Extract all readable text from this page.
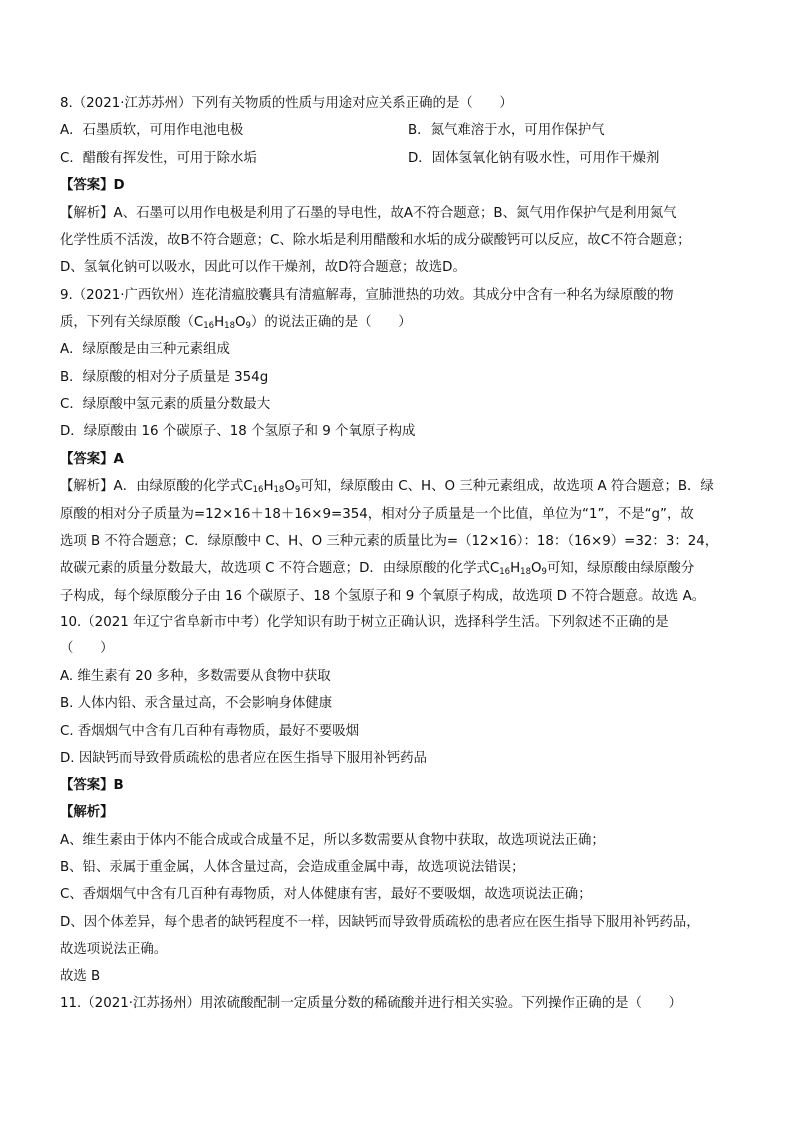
8.（2021·江苏苏州）下列有关物质的性质与用途对应关系正确的是（　　）
A．石墨质软，可用作电池电极	B．氮气难溶于水，可用作保护气
C．醋酸有挥发性，可用于除水垢	D．固体氢氧化钠有吸水性，可用作干燥剂
【答案】D
【解析】A、石墨可以用作电极是利用了石墨的导电性，故A不符合题意；B、氮气用作保护气是利用氮气
化学性质不活泼，故B不符合题意；C、除水垢是利用醋酸和水垢的成分碳酸钙可以反应，故C不符合题意；
D、氢氧化钠可以吸水，因此可以作干燥剂，故D符合题意；故选D。
9.（2021·广西钦州）连花清瘟胶囊具有清瘟解毒，宣肺泄热的功效。其成分中含有一种名为绿原酸的物
质，下列有关绿原酸$(C_{16}H_{18}O_9)$的说法正确的是（　　）
A．绿原酸是由三种元素组成
B．绿原酸的相对分子质量是 354g
C．绿原酸中氢元素的质量分数最大
D．绿原酸由 16 个碳原子、18 个氢原子和 9 个氧原子构成
【答案】A
【解析】A．由绿原酸的化学式$C_{16}H_{18}O_9$可知，绿原酸由 C、H、O 三种元素组成，故选项 A 符合题意；B．绿
原酸的相对分子质量为=12×16＋18＋16×9=354，相对分子质量是一个比值，单位为“1”，不是“g”，故
选项 B 不符合题意；C．绿原酸中 C、H、O 三种元素的质量比为=（12×16）：18：（16×9）=32：3：24，
故碳元素的质量分数最大，故选项 C 不符合题意；D．由绿原酸的化学式$C_{16}H_{18}O_9$可知，绿原酸由绿原酸分
子构成，每个绿原酸分子由 16 个碳原子、18 个氢原子和 9 个氧原子构成，故选项 D 不符合题意。故选 A。
10.（2021 年辽宁省阜新市中考）化学知识有助于树立正确认识，选择科学生活。下列叙述不正确的是
（　　）
A. 维生素有 20 多种，多数需要从食物中获取
B. 人体内铅、汞含量过高，不会影响身体健康
C. 香烟烟气中含有几百种有毒物质，最好不要吸烟
D. 因缺钙而导致骨质疏松的患者应在医生指导下服用补钙药品
【答案】B
【解析】
A、维生素由于体内不能合成或合成量不足，所以多数需要从食物中获取，故选项说法正确；
B、铅、汞属于重金属，人体含量过高，会造成重金属中毒，故选项说法错误；
C、香烟烟气中含有几百种有毒物质，对人体健康有害，最好不要吸烟，故选项说法正确；
D、因个体差异，每个患者的缺钙程度不一样，因缺钙而导致骨质疏松的患者应在医生指导下服用补钙药品，
故选项说法正确。
故选 B
11.（2021·江苏扬州）用浓硫酸配制一定质量分数的稀硫酸并进行相关实验。下列操作正确的是（　　）
